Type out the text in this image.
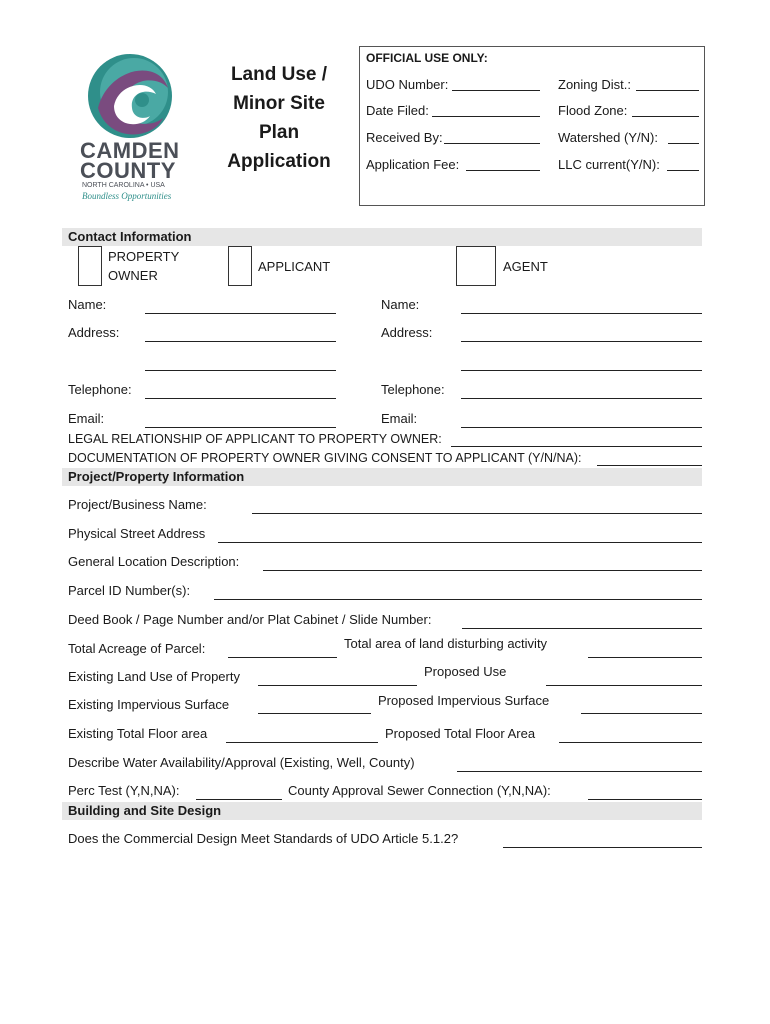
CAMDEN
COUNTY
NORTH CAROLINA • USA
Boundless Opportunities
Land Use /
Minor Site
Plan
Application
OFFICIAL USE ONLY:
UDO Number:	Zoning Dist.:
Date Filed:	Flood Zone:
Received By:	Watershed (Y/N):
Application Fee:	LLC current(Y/N):
Contact Information
PROPERTY
OWNER
APPLICANT	AGENT
Name:	Name:
Address:	Address:
Telephone:	Telephone:
Email:	Email:
LEGAL RELATIONSHIP OF APPLICANT TO PROPERTY OWNER:
DOCUMENTATION OF PROPERTY OWNER GIVING CONSENT TO APPLICANT (Y/N/NA):
Project/Property Information
Project/Business Name:
Physical Street Address
General Location Description:
Parcel ID Number(s):
Deed Book / Page Number and/or Plat Cabinet / Slide Number:
Total Acreage of Parcel:	Total area of land disturbing activity
Existing Land Use of Property	Proposed Use
Existing Impervious Surface	Proposed Impervious Surface
Existing Total Floor area	Proposed Total Floor Area
Describe Water Availability/Approval (Existing, Well, County)
Perc Test (Y,N,NA):	County Approval Sewer Connection (Y,N,NA):
Building and Site Design
Does the Commercial Design Meet Standards of UDO Article 5.1.2?
